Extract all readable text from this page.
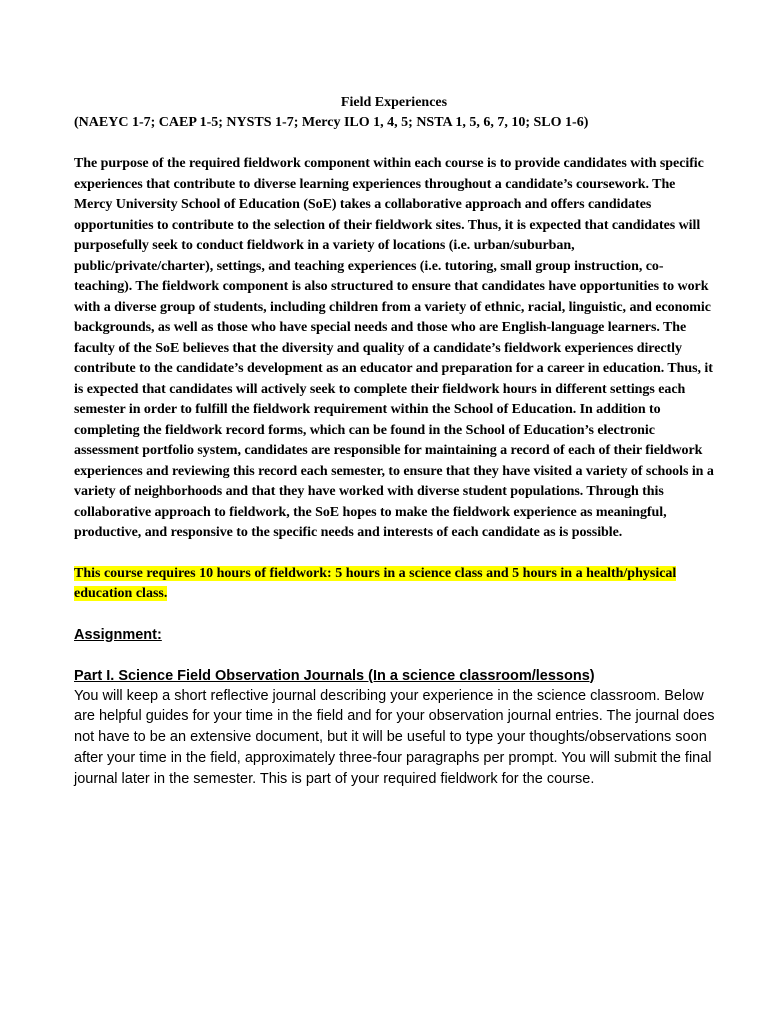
Field Experiences

(NAEYC 1-7; CAEP 1-5; NYSTS 1-7; Mercy ILO 1, 4, 5; NSTA 1, 5, 6, 7, 10; SLO 1-6)

The purpose of the required fieldwork component within each course is to provide candidates with specific experiences that contribute to diverse learning experiences throughout a candidate’s coursework. The Mercy University School of Education (SoE) takes a collaborative approach and offers candidates opportunities to contribute to the selection of their fieldwork sites. Thus, it is expected that candidates will purposefully seek to conduct fieldwork in a variety of locations (i.e. urban/suburban, public/private/charter), settings, and teaching experiences (i.e. tutoring, small group instruction, co-teaching). The fieldwork component is also structured to ensure that candidates have opportunities to work with a diverse group of students, including children from a variety of ethnic, racial, linguistic, and economic backgrounds, as well as those who have special needs and those who are English-language learners. The faculty of the SoE believes that the diversity and quality of a candidate’s fieldwork experiences directly contribute to the candidate’s development as an educator and preparation for a career in education. Thus, it is expected that candidates will actively seek to complete their fieldwork hours in different settings each semester in order to fulfill the fieldwork requirement within the School of Education. In addition to completing the fieldwork record forms, which can be found in the School of Education’s electronic assessment portfolio system, candidates are responsible for maintaining a record of each of their fieldwork experiences and reviewing this record each semester, to ensure that they have visited a variety of schools in a variety of neighborhoods and that they have worked with diverse student populations. Through this collaborative approach to fieldwork, the SoE hopes to make the fieldwork experience as meaningful, productive, and responsive to the specific needs and interests of each candidate as is possible.

This course requires 10 hours of fieldwork: 5 hours in a science class and 5 hours in a health/physical education class.

Assignment:

Part I. Science Field Observation Journals (In a science classroom/lessons)

You will keep a short reflective journal describing your experience in the science classroom. Below are helpful guides for your time in the field and for your observation journal entries. The journal does not have to be an extensive document, but it will be useful to type your thoughts/observations soon after your time in the field, approximately three-four paragraphs per prompt. You will submit the final journal later in the semester. This is part of your required fieldwork for the course.
